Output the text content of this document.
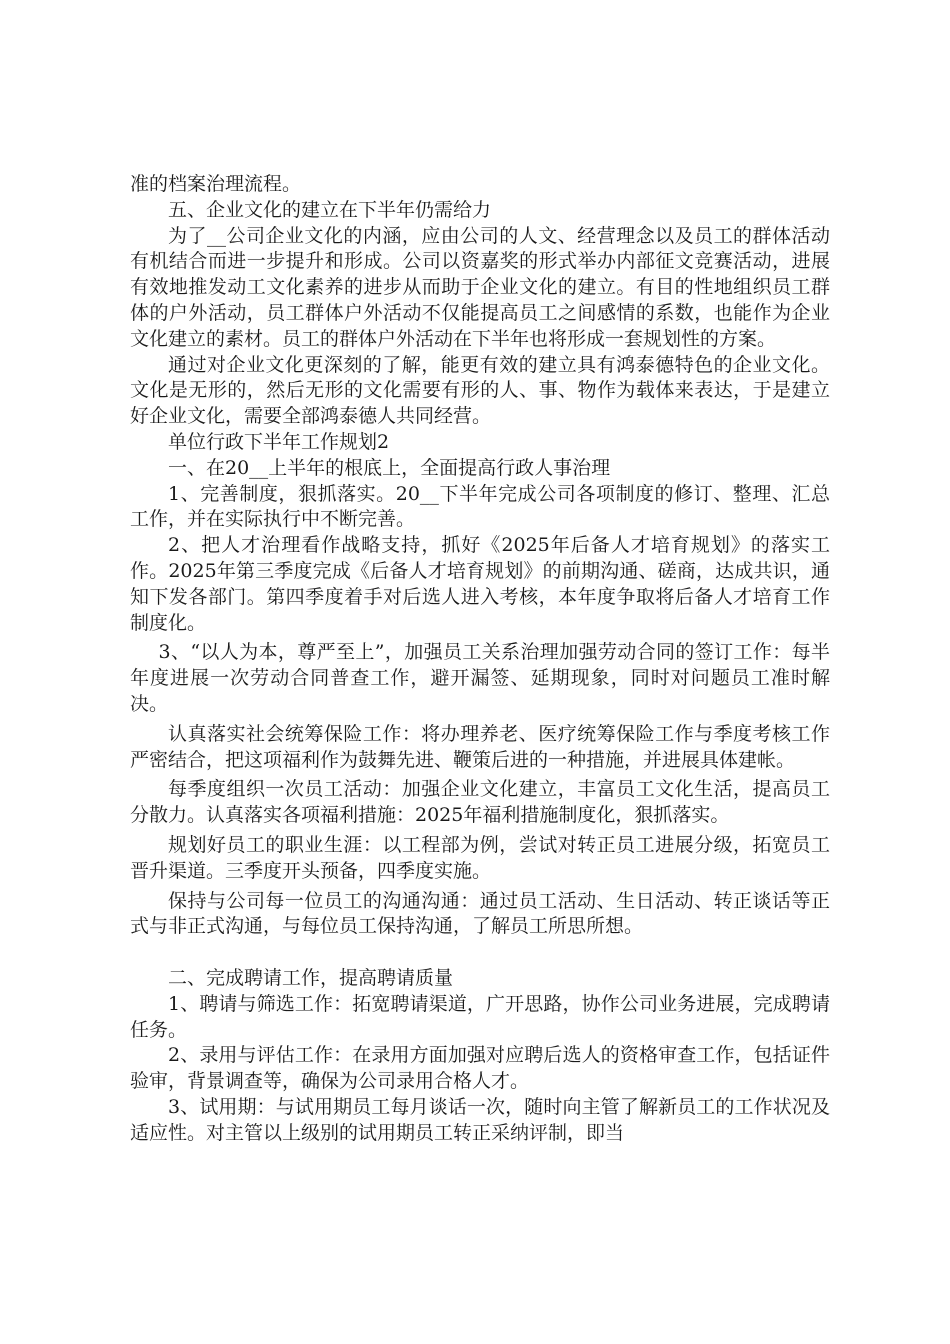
准的档案治理流程。

五、企业文化的建立在下半年仍需给力

为了__公司企业文化的内涵，应由公司的人文、经营理念以及员工的群体活动有机结合而进一步提升和形成。公司以资嘉奖的形式举办内部征文竞赛活动，进展有效地推发动工文化素养的进步从而助于企业文化的建立。有目的性地组织员工群体的户外活动，员工群体户外活动不仅能提高员工之间感情的系数，也能作为企业文化建立的素材。员工的群体户外活动在下半年也将形成一套规划性的方案。

通过对企业文化更深刻的了解，能更有效的建立具有鸿泰德特色的企业文化。文化是无形的，然后无形的文化需要有形的人、事、物作为载体来表达，于是建立好企业文化，需要全部鸿泰德人共同经营。

单位行政下半年工作规划2

一、在20__上半年的根底上，全面提高行政人事治理

1、完善制度，狠抓落实。20__下半年完成公司各项制度的修订、整理、汇总工作，并在实际执行中不断完善。

2、把人才治理看作战略支持，抓好《2025年后备人才培育规划》的落实工作。2025年第三季度完成《后备人才培育规划》的前期沟通、磋商，达成共识，通知下发各部门。第四季度着手对后选人进入考核，本年度争取将后备人才培育工作制度化。

3、“以人为本，尊严至上”，加强员工关系治理加强劳动合同的签订工作：每半年度进展一次劳动合同普查工作，避开漏签、延期现象，同时对问题员工准时解决。

认真落实社会统筹保险工作：将办理养老、医疗统筹保险工作与季度考核工作严密结合，把这项福利作为鼓舞先进、鞭策后进的一种措施，并进展具体建帐。

每季度组织一次员工活动：加强企业文化建立，丰富员工文化生活，提高员工分散力。认真落实各项福利措施：2025年福利措施制度化，狠抓落实。

规划好员工的职业生涯：以工程部为例，尝试对转正员工进展分级，拓宽员工晋升渠道。三季度开头预备，四季度实施。

保持与公司每一位员工的沟通沟通：通过员工活动、生日活动、转正谈话等正式与非正式沟通，与每位员工保持沟通，了解员工所思所想。

二、完成聘请工作，提高聘请质量

1、聘请与筛选工作：拓宽聘请渠道，广开思路，协作公司业务进展，完成聘请任务。

2、录用与评估工作：在录用方面加强对应聘后选人的资格审查工作，包括证件验审，背景调查等，确保为公司录用合格人才。

3、试用期：与试用期员工每月谈话一次，随时向主管了解新员工的工作状况及适应性。对主管以上级别的试用期员工转正采纳评制，即当
